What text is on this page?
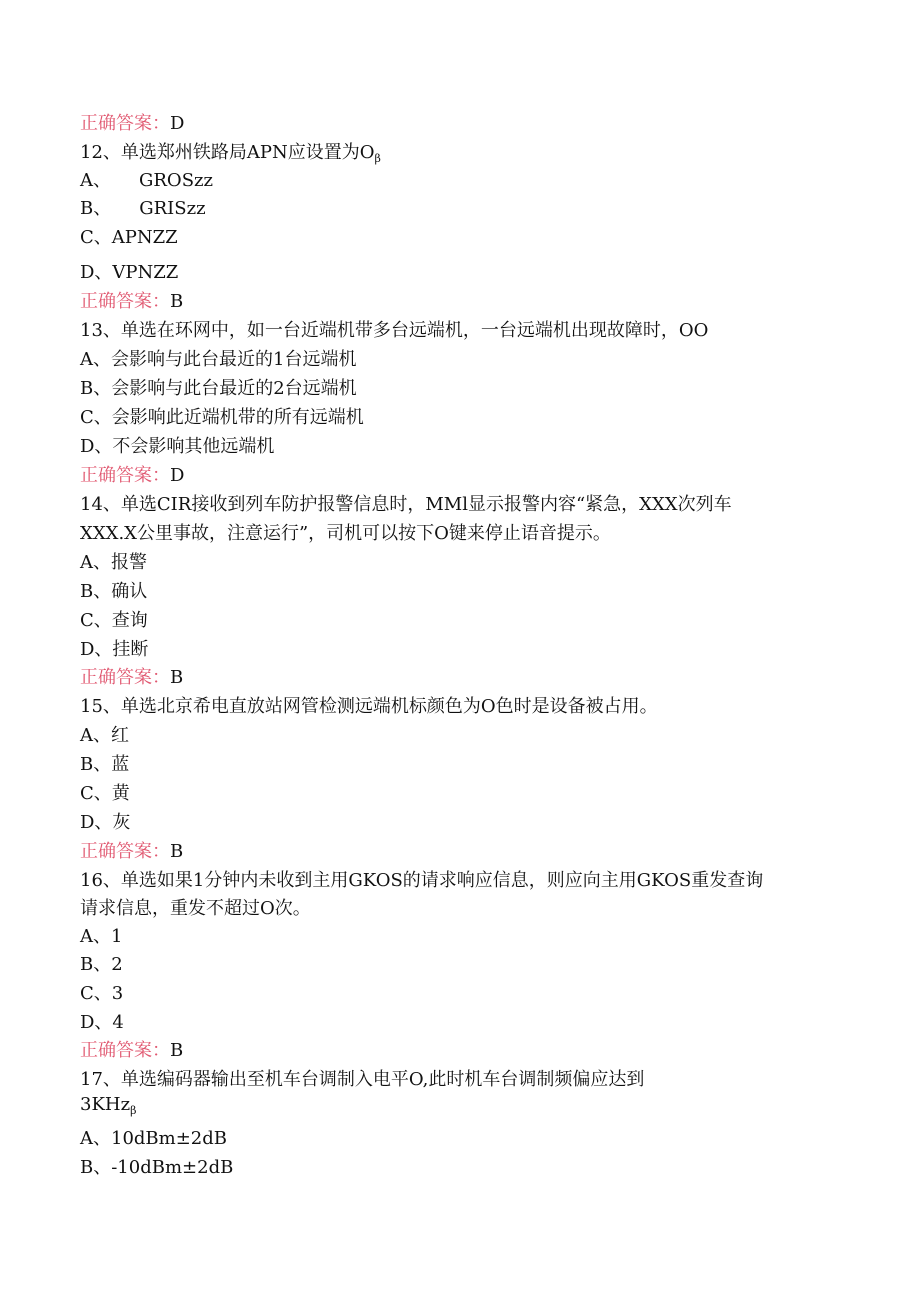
正确答案：D
12、单选郑州铁路局APN应设置为$O_\beta$
A、 GROSzz
B、 GRISzz
C、APNZZ
D、VPNZZ
正确答案：B
13、单选在环网中，如一台近端机带多台远端机，一台远端机出现故障时，OO
A、会影响与此台最近的1台远端机
B、会影响与此台最近的2台远端机
C、会影响此近端机带的所有远端机
D、不会影响其他远端机
正确答案：D
14、单选CIR接收到列车防护报警信息时，MMl显示报警内容“紧急，XXX次列车
XXX.X公里事故，注意运行”，司机可以按下O键来停止语音提示。
A、报警
B、确认
C、查询
D、挂断
正确答案：B
15、单选北京希电直放站网管检测远端机标颜色为O色时是设备被占用。
A、红
B、蓝
C、黄
D、灰
正确答案：B
16、单选如果1分钟内未收到主用GKOS的请求响应信息，则应向主用GKOS重发查询
请求信息，重发不超过O次。
A、1
B、2
C、3
D、4
正确答案：B
17、单选编码器输出至机车台调制入电平O,此时机车台调制频偏应达到
3KHz$_\beta$
A、10dBm±2dB
B、-10dBm±2dB
